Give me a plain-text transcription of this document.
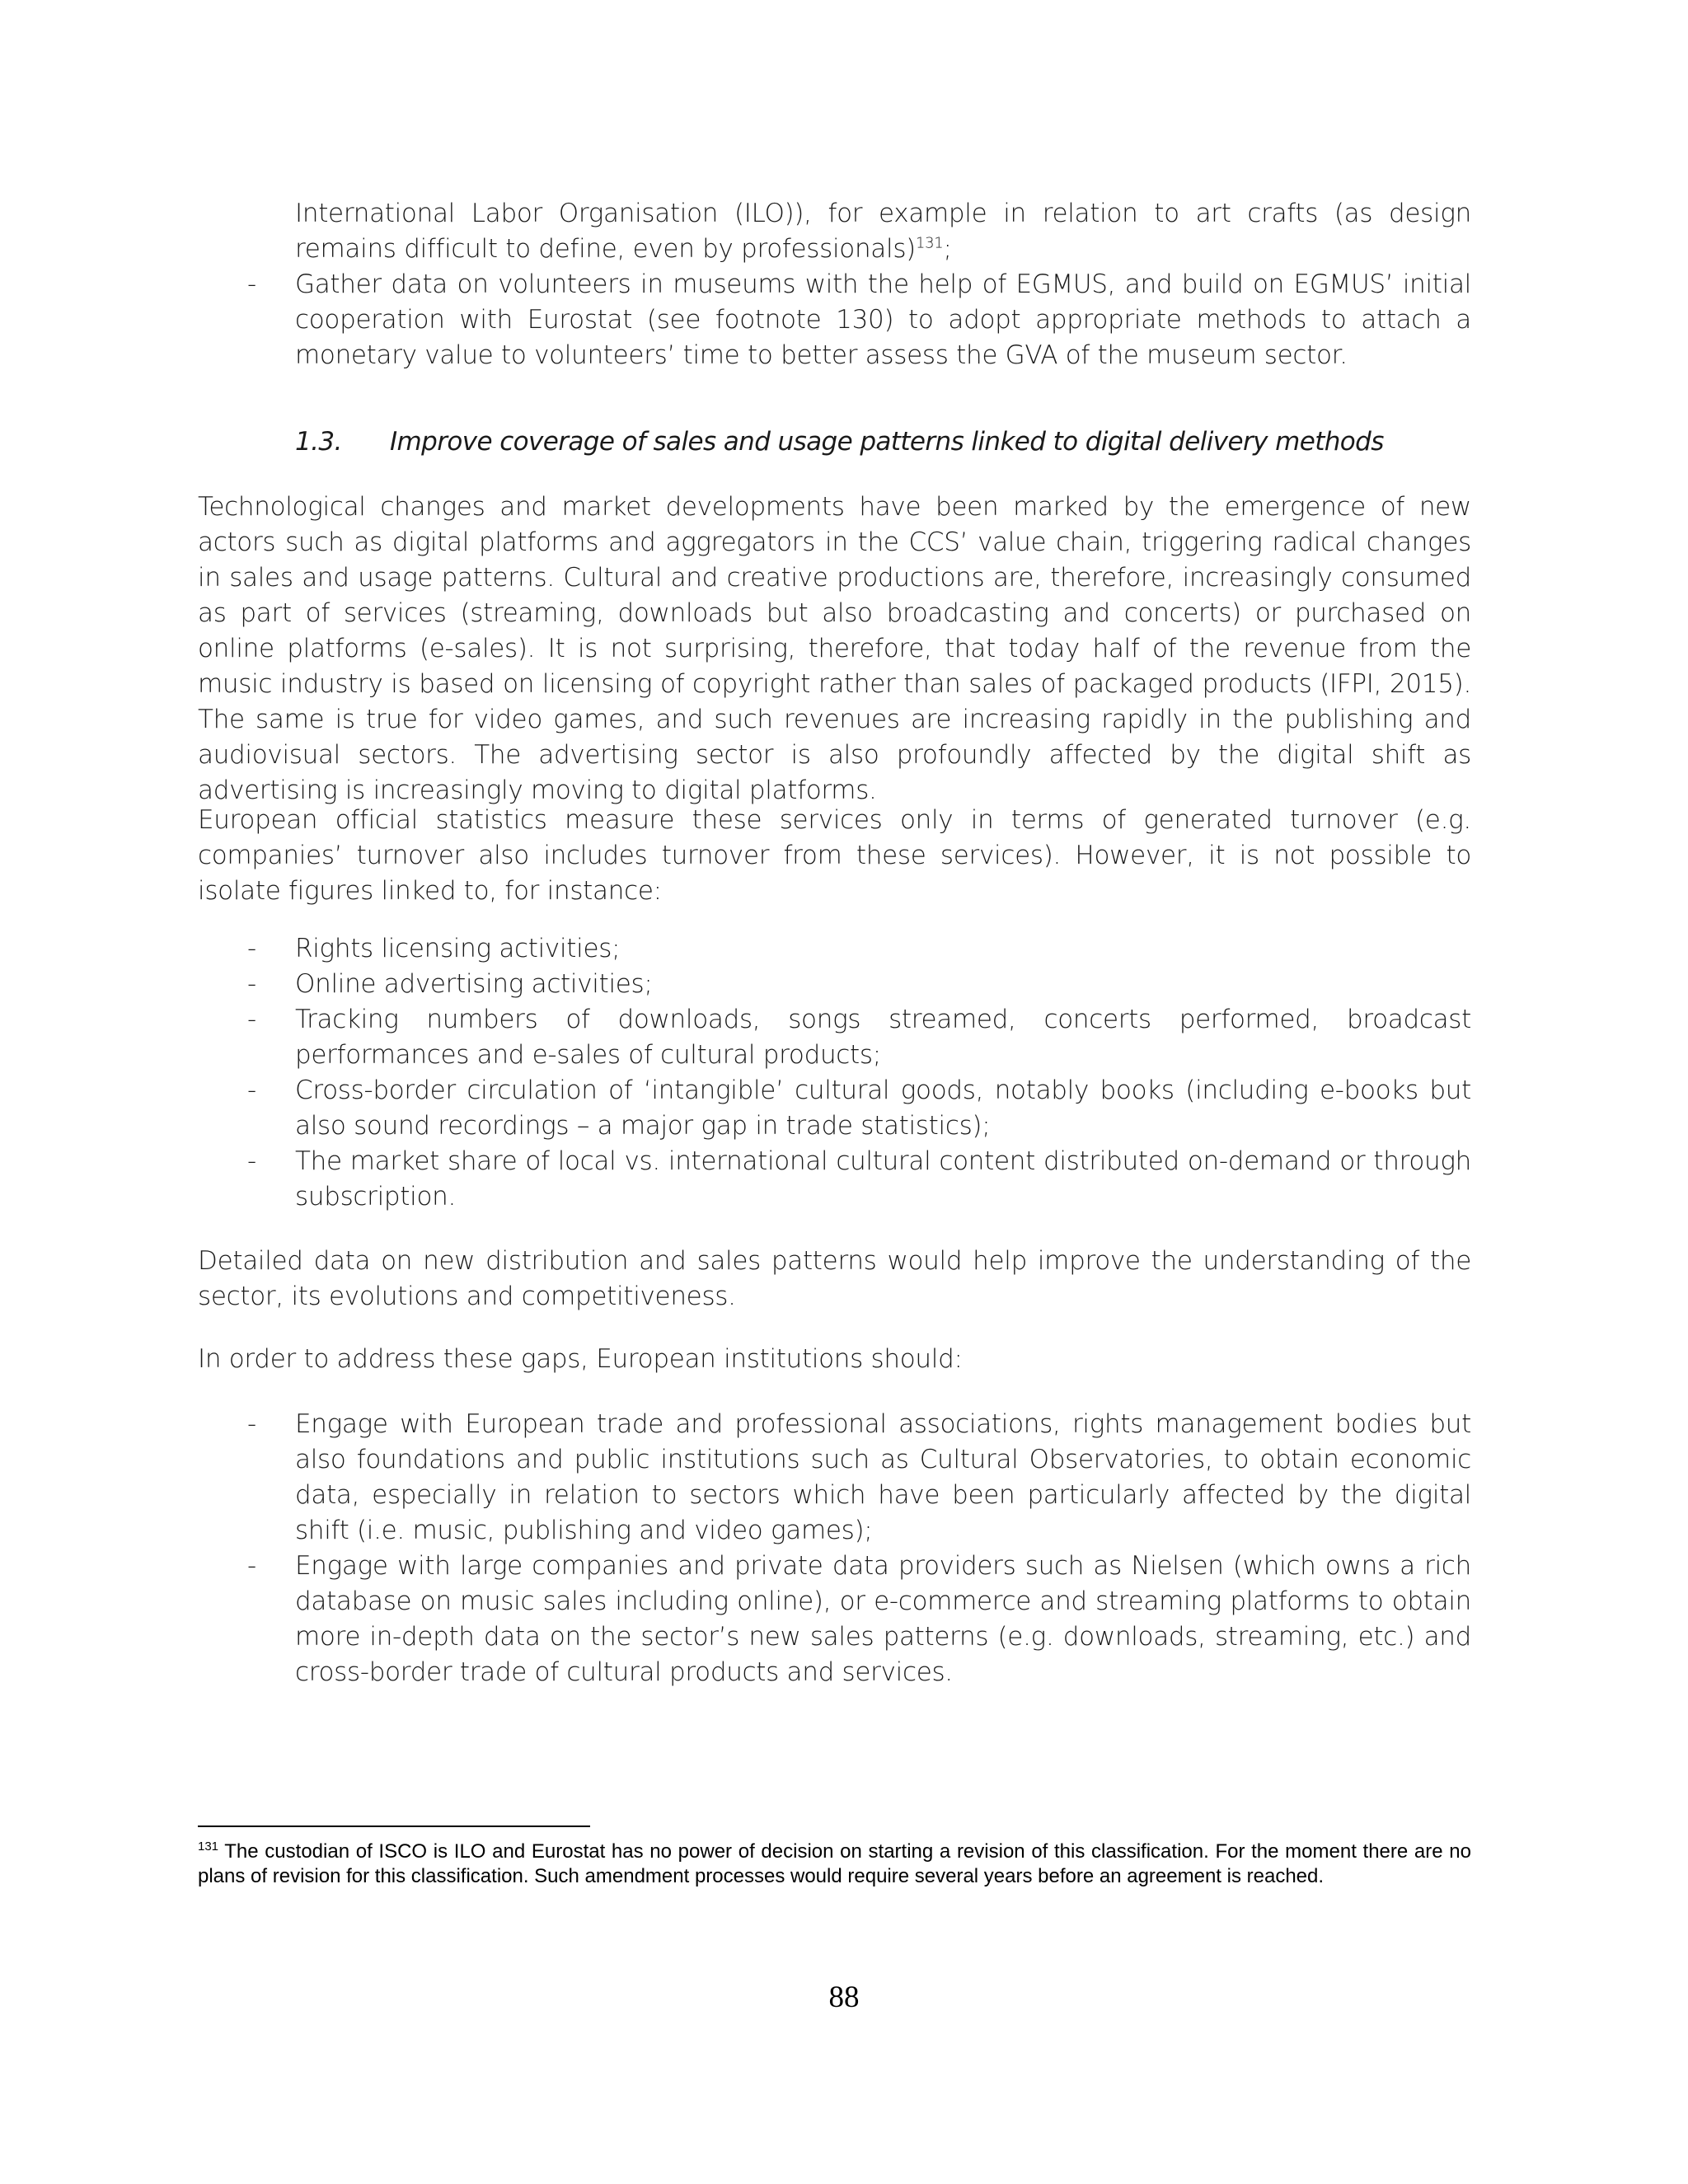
International Labor Organisation (ILO)), for example in relation to art crafts (as design remains difficult to define, even by professionals)$^{131}$;

- Gather data on volunteers in museums with the help of EGMUS, and build on EGMUS’ initial cooperation with Eurostat (see footnote 130) to adopt appropriate methods to attach a monetary value to volunteers’ time to better assess the GVA of the museum sector.
1.3. Improve coverage of sales and usage patterns linked to digital delivery methods

Technological changes and market developments have been marked by the emergence of new actors such as digital platforms and aggregators in the CCS’ value chain, triggering radical changes in sales and usage patterns. Cultural and creative productions are, therefore, increasingly consumed as part of services (streaming, downloads but also broadcasting and concerts) or purchased on online platforms (e-sales). It is not surprising, therefore, that today half of the revenue from the music industry is based on licensing of copyright rather than sales of packaged products (IFPI, 2015). The same is true for video games, and such revenues are increasing rapidly in the publishing and audiovisual sectors. The advertising sector is also profoundly affected by the digital shift as advertising is increasingly moving to digital platforms.

European official statistics measure these services only in terms of generated turnover (e.g. companies’ turnover also includes turnover from these services). However, it is not possible to isolate figures linked to, for instance:

- Rights licensing activities;
- Online advertising activities;
- Tracking numbers of downloads, songs streamed, concerts performed, broadcast performances and e-sales of cultural products;
- Cross-border circulation of ‘intangible’ cultural goods, notably books (including e-books but also sound recordings – a major gap in trade statistics);
- The market share of local vs. international cultural content distributed on-demand or through subscription.

Detailed data on new distribution and sales patterns would help improve the understanding of the sector, its evolutions and competitiveness.

In order to address these gaps, European institutions should:

- Engage with European trade and professional associations, rights management bodies but also foundations and public institutions such as Cultural Observatories, to obtain economic data, especially in relation to sectors which have been particularly affected by the digital shift (i.e. music, publishing and video games);
- Engage with large companies and private data providers such as Nielsen (which owns a rich database on music sales including online), or e-commerce and streaming platforms to obtain more in-depth data on the sector’s new sales patterns (e.g. downloads, streaming, etc.) and cross-border trade of cultural products and services.
$^{131}$ The custodian of ISCO is ILO and Eurostat has no power of decision on starting a revision of this classification. For the moment there are no plans of revision for this classification. Such amendment processes would require several years before an agreement is reached.
88
